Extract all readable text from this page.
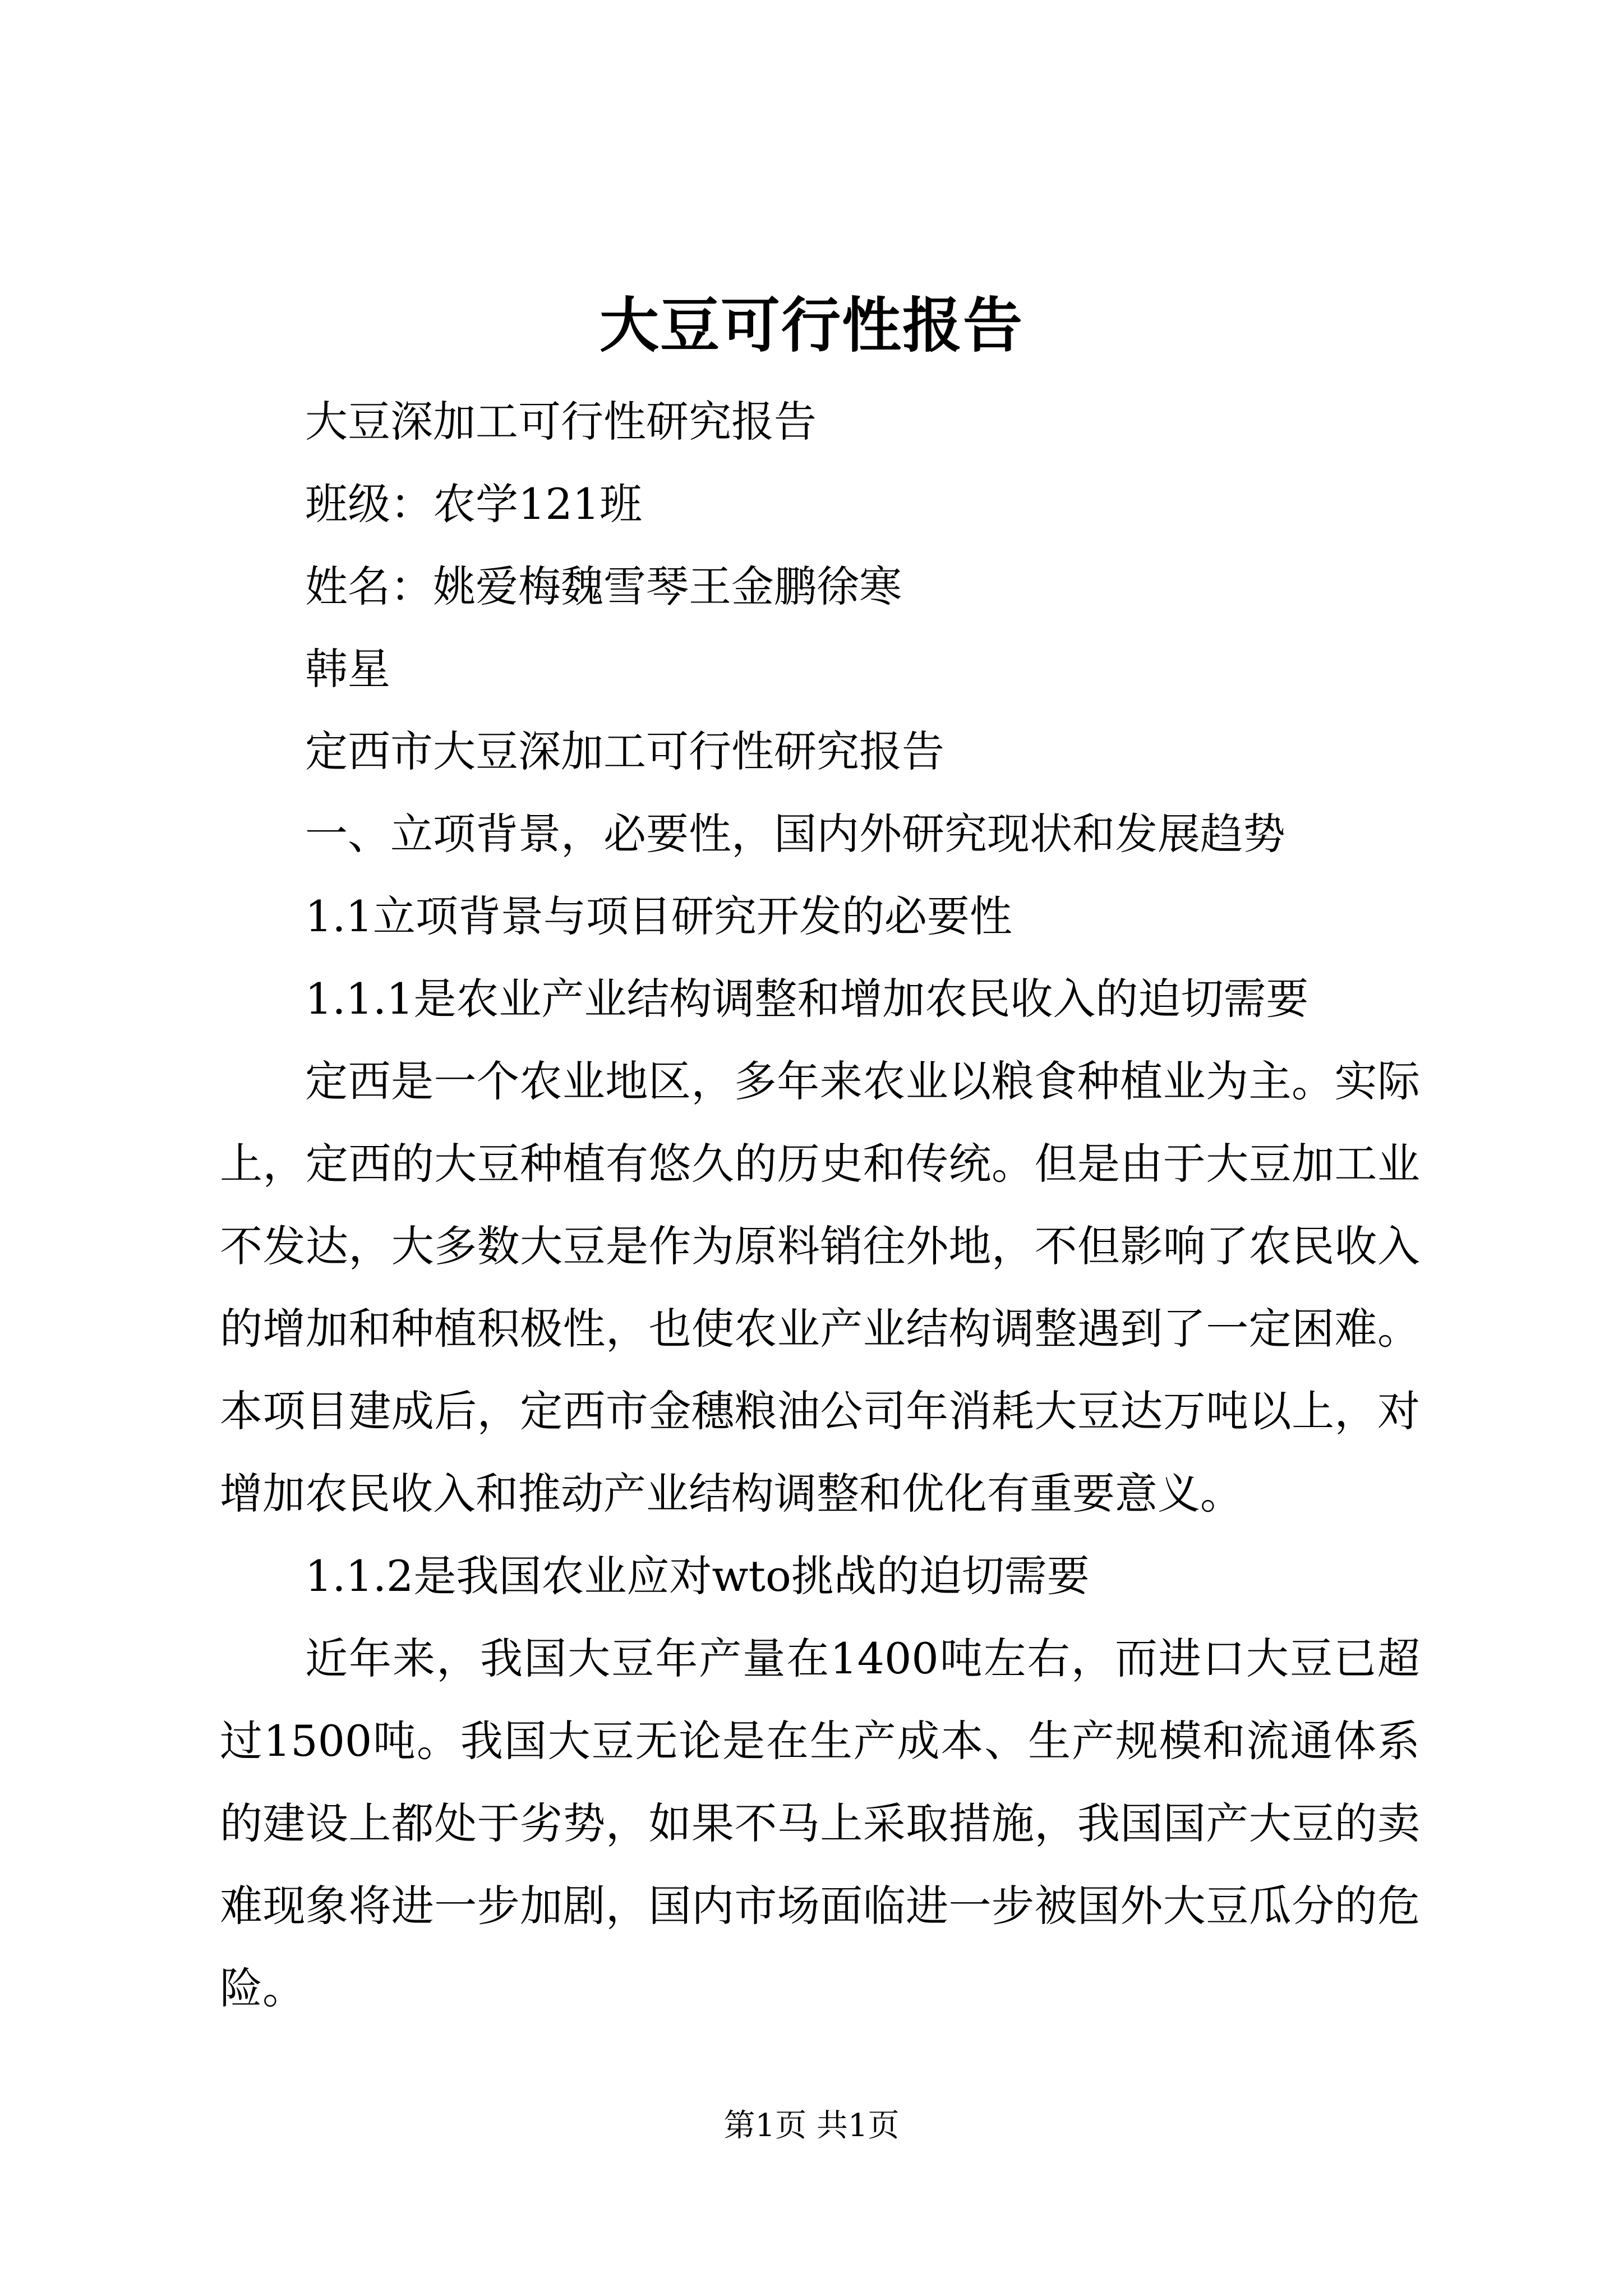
大豆可行性报告
大豆深加工可行性研究报告
班级：农学121班
姓名：姚爱梅魏雪琴王金鹏徐寒
韩星
定西市大豆深加工可行性研究报告
一、立项背景，必要性，国内外研究现状和发展趋势
1.1立项背景与项目研究开发的必要性
1.1.1是农业产业结构调整和增加农民收入的迫切需要

定西是一个农业地区，多年来农业以粮食种植业为主。实际上，定西的大豆种植有悠久的历史和传统。但是由于大豆加工业不发达，大多数大豆是作为原料销往外地，不但影响了农民收入的增加和种植积极性，也使农业产业结构调整遇到了一定困难。本项目建成后，定西市金穗粮油公司年消耗大豆达万吨以上，对增加农民收入和推动产业结构调整和优化有重要意义。

1.1.2是我国农业应对wto挑战的迫切需要

近年来，我国大豆年产量在1400吨左右，而进口大豆已超过1500吨。我国大豆无论是在生产成本、生产规模和流通体系的建设上都处于劣势，如果不马上采取措施，我国国产大豆的卖难现象将进一步加剧，国内市场面临进一步被国外大豆瓜分的危险。

第1页 共1页
